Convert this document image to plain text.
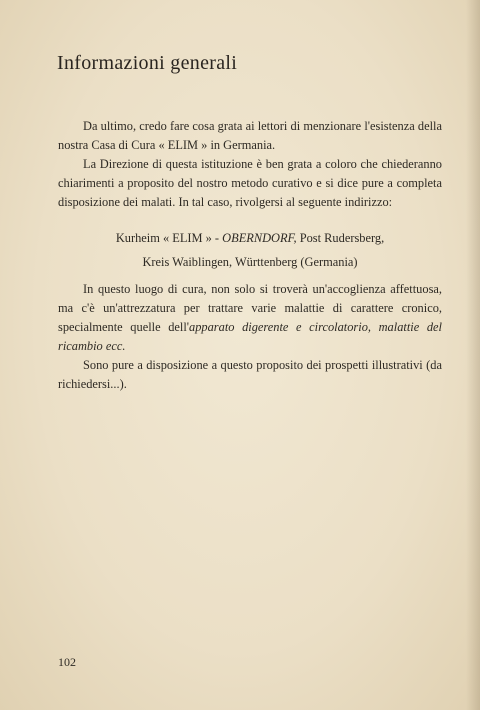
Informazioni generali

Da ultimo, credo fare cosa grata ai lettori di menzionare l'esistenza della nostra Casa di Cura « ELIM » in Germania.

La Direzione di questa istituzione è ben grata a coloro che chiederanno chiarimenti a proposito del nostro metodo curativo e si dice pure a completa disposizione dei malati. In tal caso, rivolgersi al seguente indirizzo:

Kurheim « ELIM » - OBERNDORF, Post Rudersberg,
Kreis Waiblingen, Württenberg (Germania)

In questo luogo di cura, non solo si troverà un'accoglienza affettuosa, ma c'è un'attrezzatura per trattare varie malattie di carattere cronico, specialmente quelle dell'apparato digerente e circolatorio, malattie del ricambio ecc.

Sono pure a disposizione a questo proposito dei prospetti illustrativi (da richiedersi...).

102
